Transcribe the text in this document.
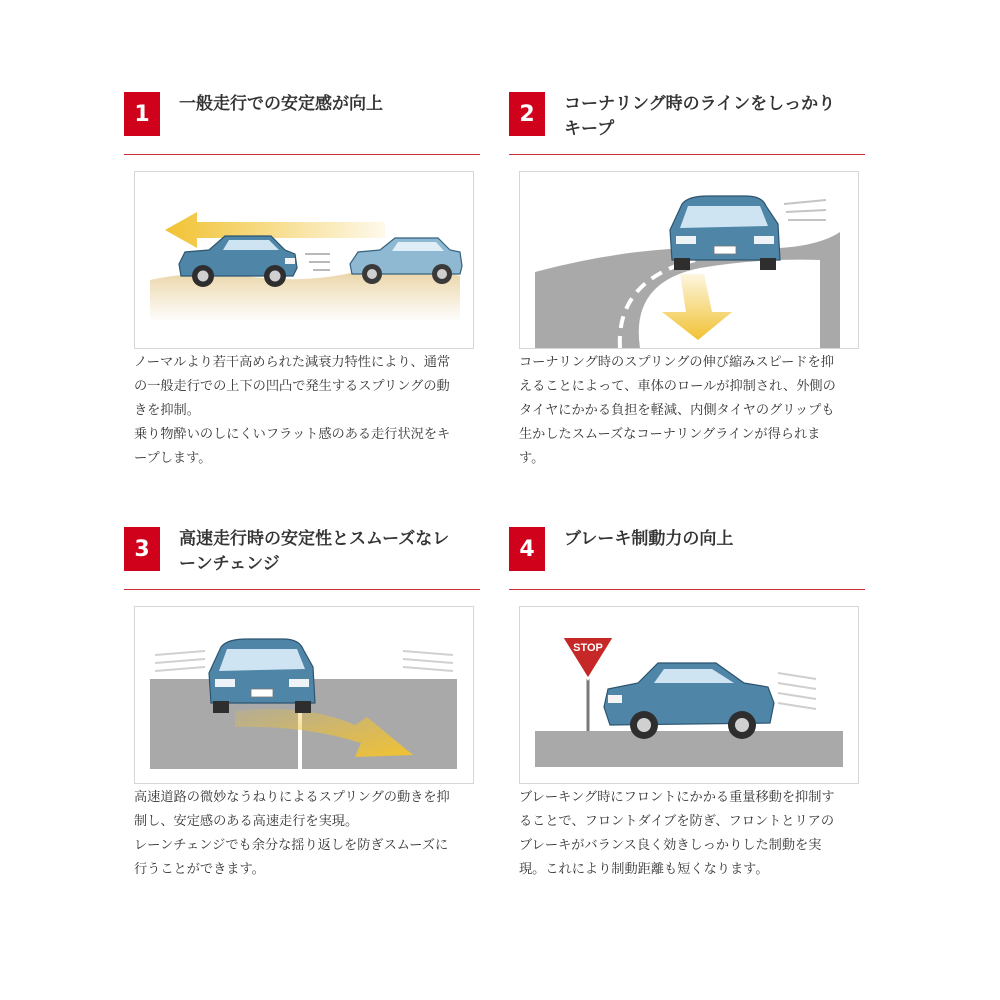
1	一般走行での安定感が向上

ノーマルより若干高められた減衰力特性により、通常

の一般走行での上下の凹凸で発生するスプリングの動

きを抑制。

乗り物酔いのしにくいフラット感のある走行状況をキ

ープします。

2	コーナリング時のラインをしっかり
キープ

コーナリング時のスプリングの伸び縮みスピードを抑

えることによって、車体のロールが抑制され、外側の

タイヤにかかる負担を軽減、内側タイヤのグリップも

生かしたスムーズなコーナリングラインが得られま

す。

3	高速走行時の安定性とスムーズなレ
ーンチェンジ

高速道路の微妙なうねりによるスプリングの動きを抑

制し、安定感のある高速走行を実現。

レーンチェンジでも余分な揺り返しを防ぎスムーズに

行うことができます。

4	ブレーキ制動力の向上
STOP

ブレーキング時にフロントにかかる重量移動を抑制す

ることで、フロントダイブを防ぎ、フロントとリアの

ブレーキがバランス良く効きしっかりした制動を実

現。これにより制動距離も短くなります。
